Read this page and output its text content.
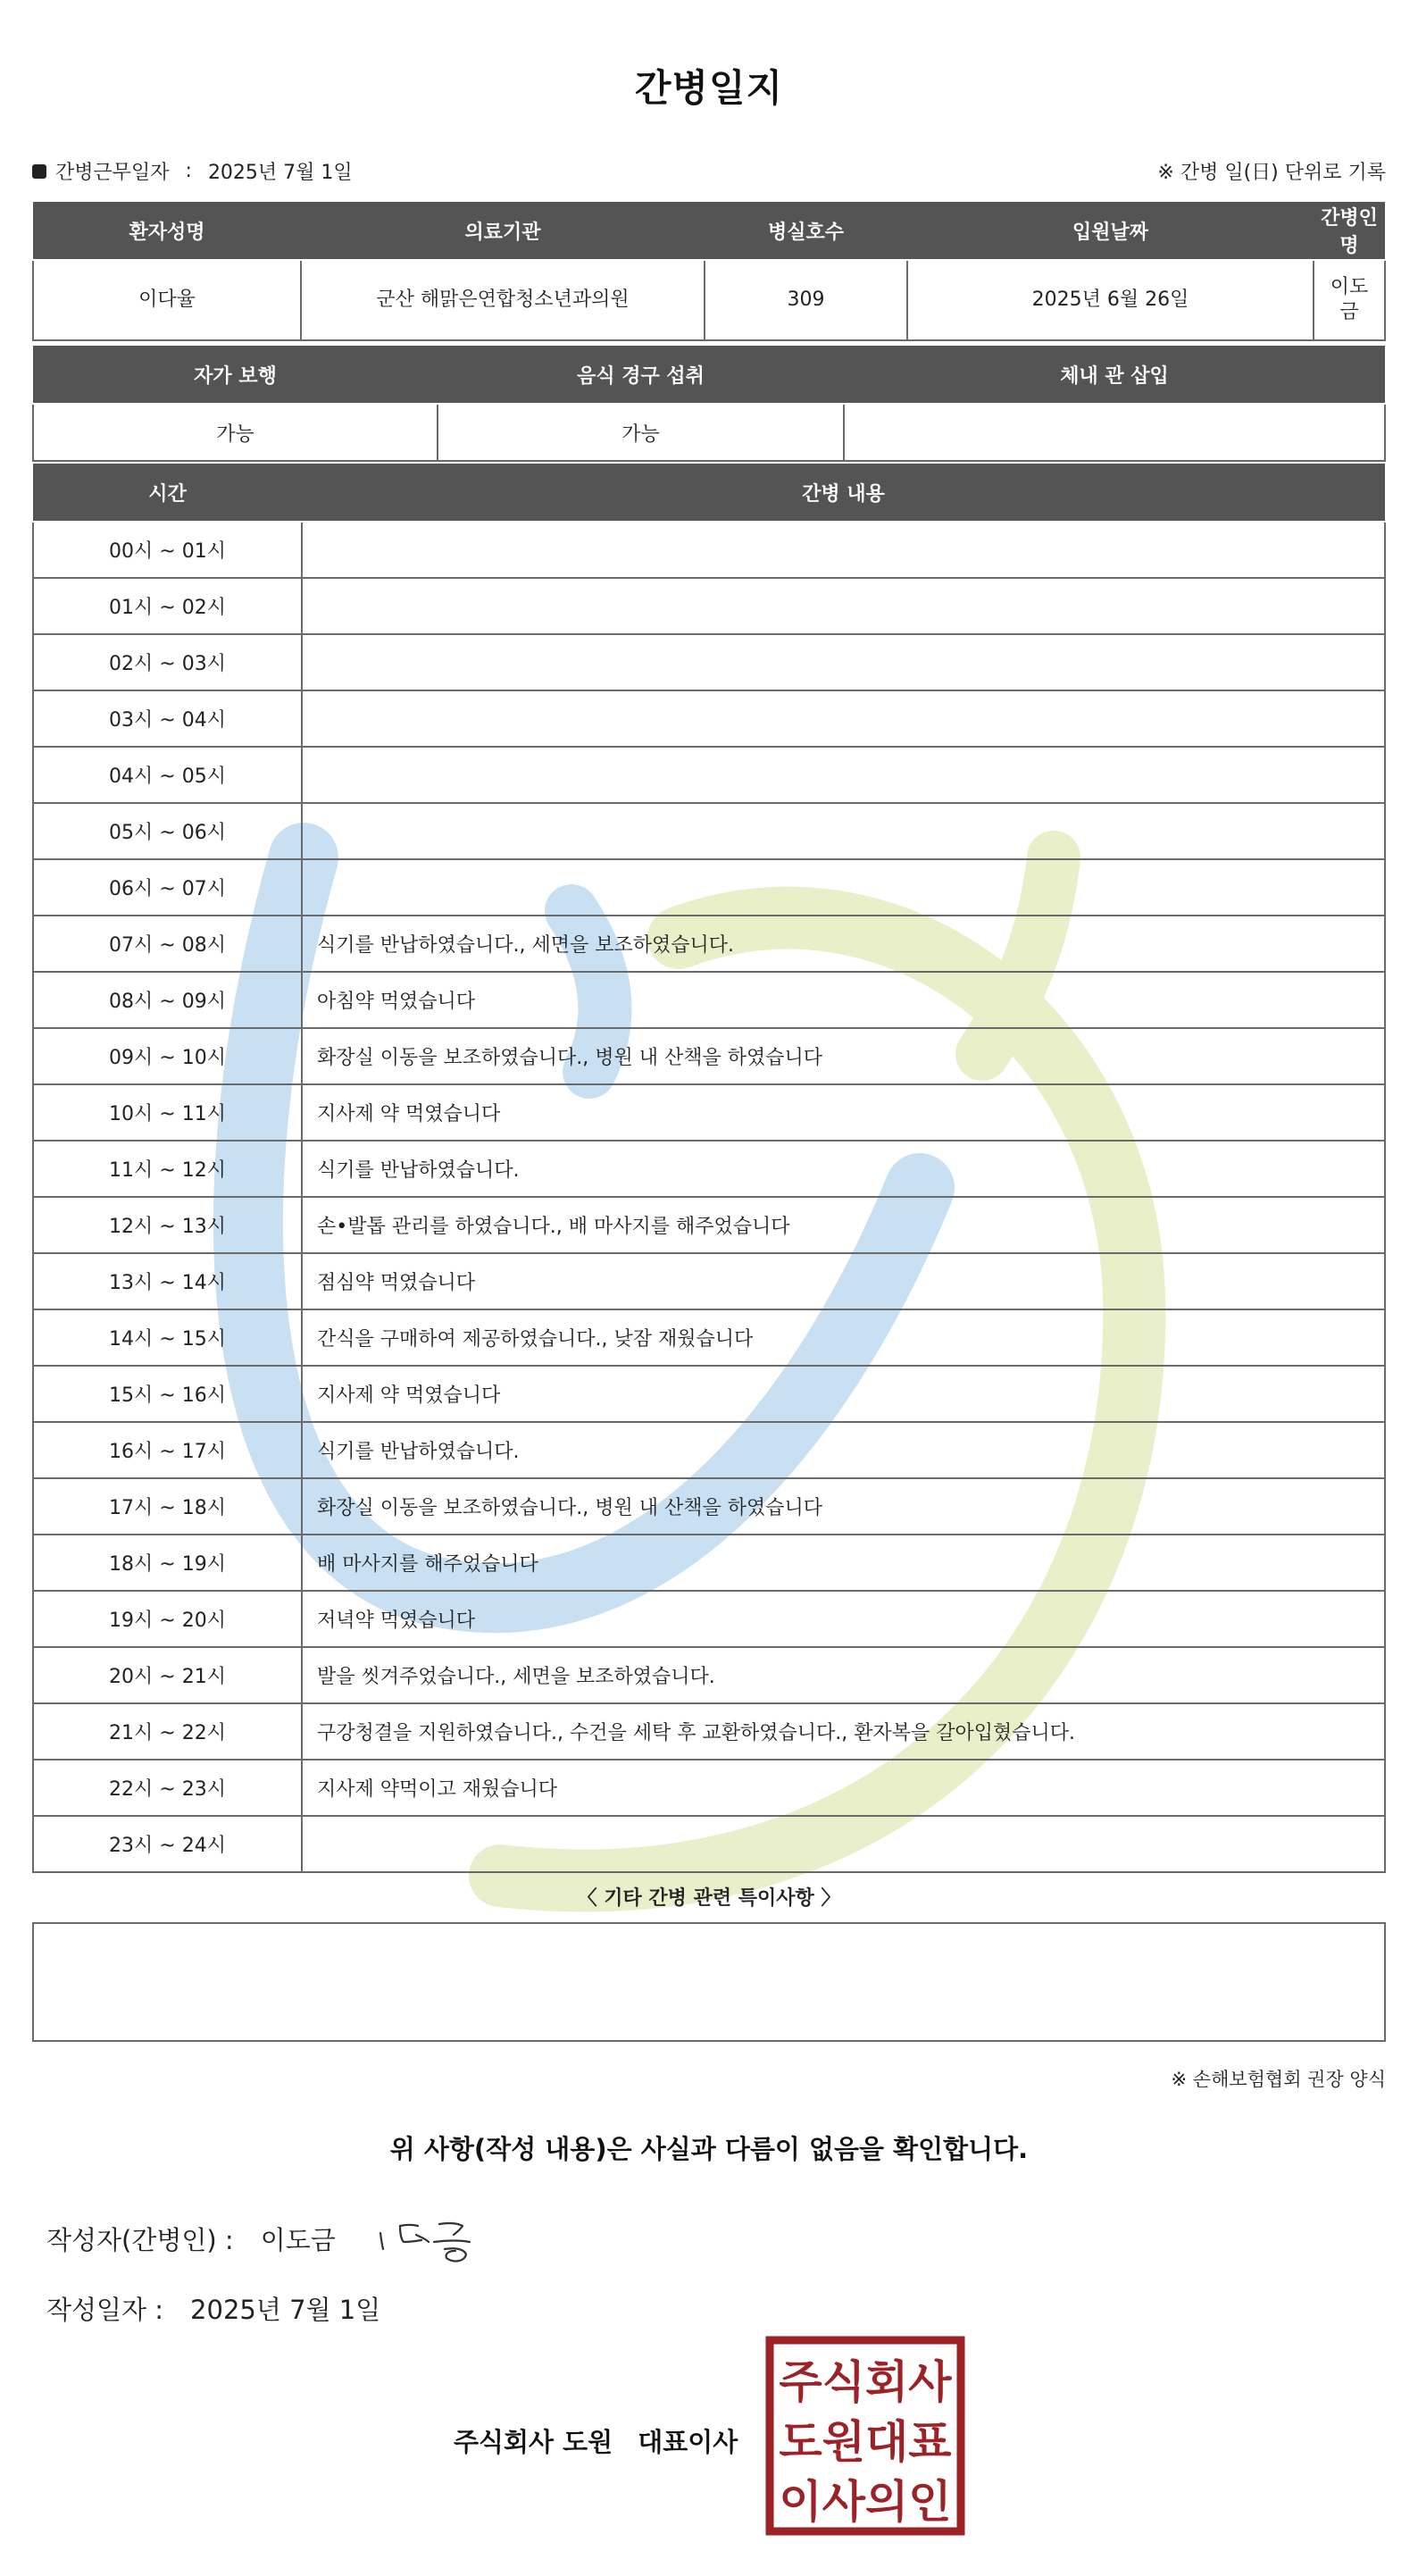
간병일지
간병근무일자 : 2025년 7월 1일	※ 간병 일(日) 단위로 기록
환자성명	의료기관	병실호수	입원날짜	간병인명
이다율	군산 해맑은연합청소년과의원	309	2025년 6월 26일	이도금
자가 보행	음식 경구 섭취	체내 관 삽입
가능	가능	
시간	간병 내용
00시 ~ 01시	
01시 ~ 02시	
02시 ~ 03시	
03시 ~ 04시	
04시 ~ 05시	
05시 ~ 06시	
06시 ~ 07시	
07시 ~ 08시	식기를 반납하였습니다., 세면을 보조하였습니다.
08시 ~ 09시	아침약 먹였습니다
09시 ~ 10시	화장실 이동을 보조하였습니다., 병원 내 산책을 하였습니다
10시 ~ 11시	지사제 약 먹였습니다
11시 ~ 12시	식기를 반납하였습니다.
12시 ~ 13시	손•발톱 관리를 하였습니다., 배 마사지를 해주었습니다
13시 ~ 14시	점심약 먹였습니다
14시 ~ 15시	간식을 구매하여 제공하였습니다., 낮잠 재웠습니다
15시 ~ 16시	지사제 약 먹였습니다
16시 ~ 17시	식기를 반납하였습니다.
17시 ~ 18시	화장실 이동을 보조하였습니다., 병원 내 산책을 하였습니다
18시 ~ 19시	배 마사지를 해주었습니다
19시 ~ 20시	저녁약 먹였습니다
20시 ~ 21시	발을 씻겨주었습니다., 세면을 보조하였습니다.
21시 ~ 22시	구강청결을 지원하였습니다., 수건을 세탁 후 교환하였습니다., 환자복을 갈아입혔습니다.
22시 ~ 23시	지사제 약먹이고 재웠습니다
23시 ~ 24시	
〈 기타 간병 관련 특이사항 〉
※ 손해보험협회 권장 양식
위 사항(작성 내용)은 사실과 다름이 없음을 확인합니다.
작성자(간병인) : 이도금
작성일자 : 2025년 7월 1일
주식회사 도원 대표이사
주식회사
도원대표
이사의인
